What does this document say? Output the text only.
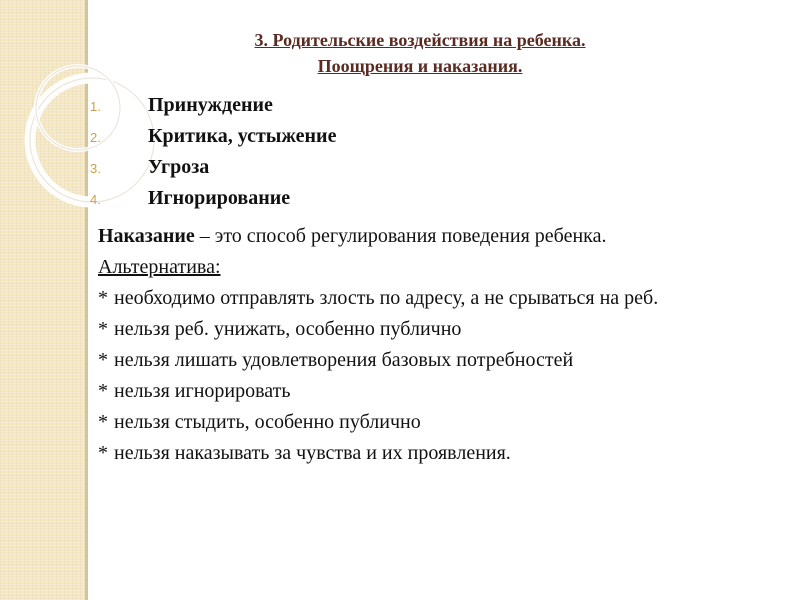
3. Родительские воздействия на ребенка.
Поощрения и наказания.
1.	Принуждение
2.	Критика, устыжение
3.	Угроза
4.	Игнорирование
Наказание – это способ регулирования поведения ребенка.
Альтернатива:
* необходимо отправлять злость по адресу, а не срываться на реб.
* нельзя реб. унижать, особенно публично
* нельзя лишать удовлетворения базовых потребностей
* нельзя игнорировать
* нельзя стыдить, особенно публично
* нельзя наказывать за чувства и их проявления.
